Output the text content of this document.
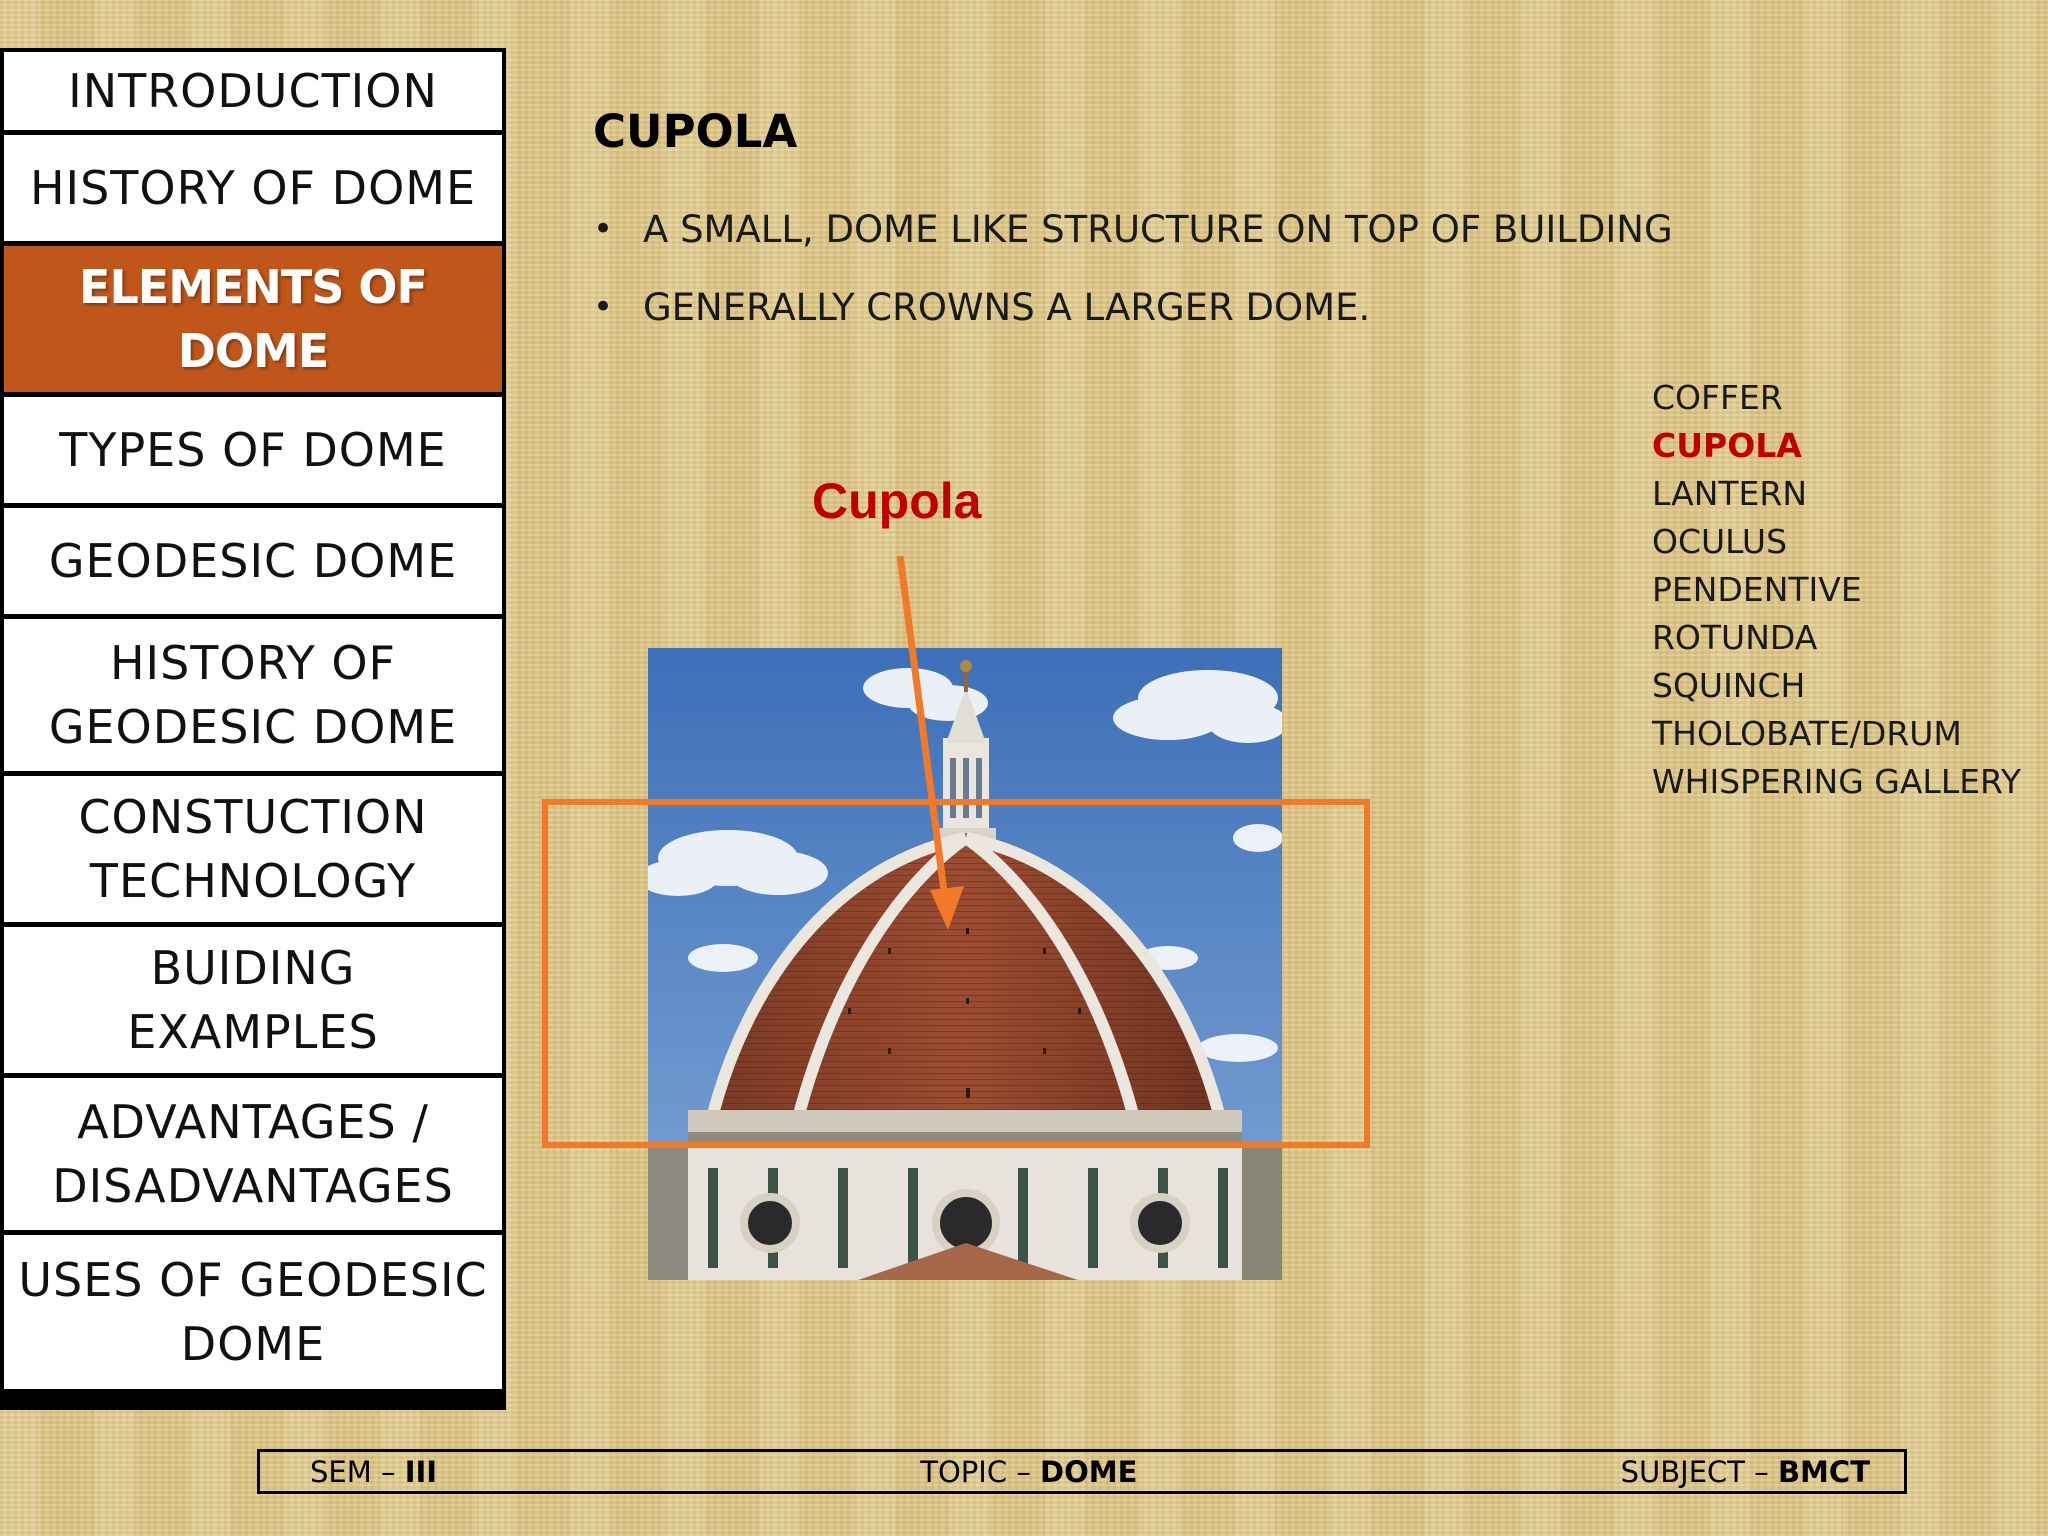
INTRODUCTION
HISTORY OF DOME
ELEMENTS OF
DOME
TYPES OF DOME
GEODESIC DOME
HISTORY OF
GEODESIC DOME
CONSTUCTION
TECHNOLOGY
BUIDING
EXAMPLES
ADVANTAGES /
DISADVANTAGES
USES OF GEODESIC
DOME
CUPOLA
• A SMALL, DOME LIKE STRUCTURE ON TOP OF BUILDING
• GENERALLY CROWNS A LARGER DOME.
COFFER
CUPOLA
LANTERN
OCULUS
PENDENTIVE
ROTUNDA
SQUINCH
THOLOBATE/DRUM
WHISPERING GALLERY
Cupola
SEM – III	TOPIC – DOME	SUBJECT – BMCT
